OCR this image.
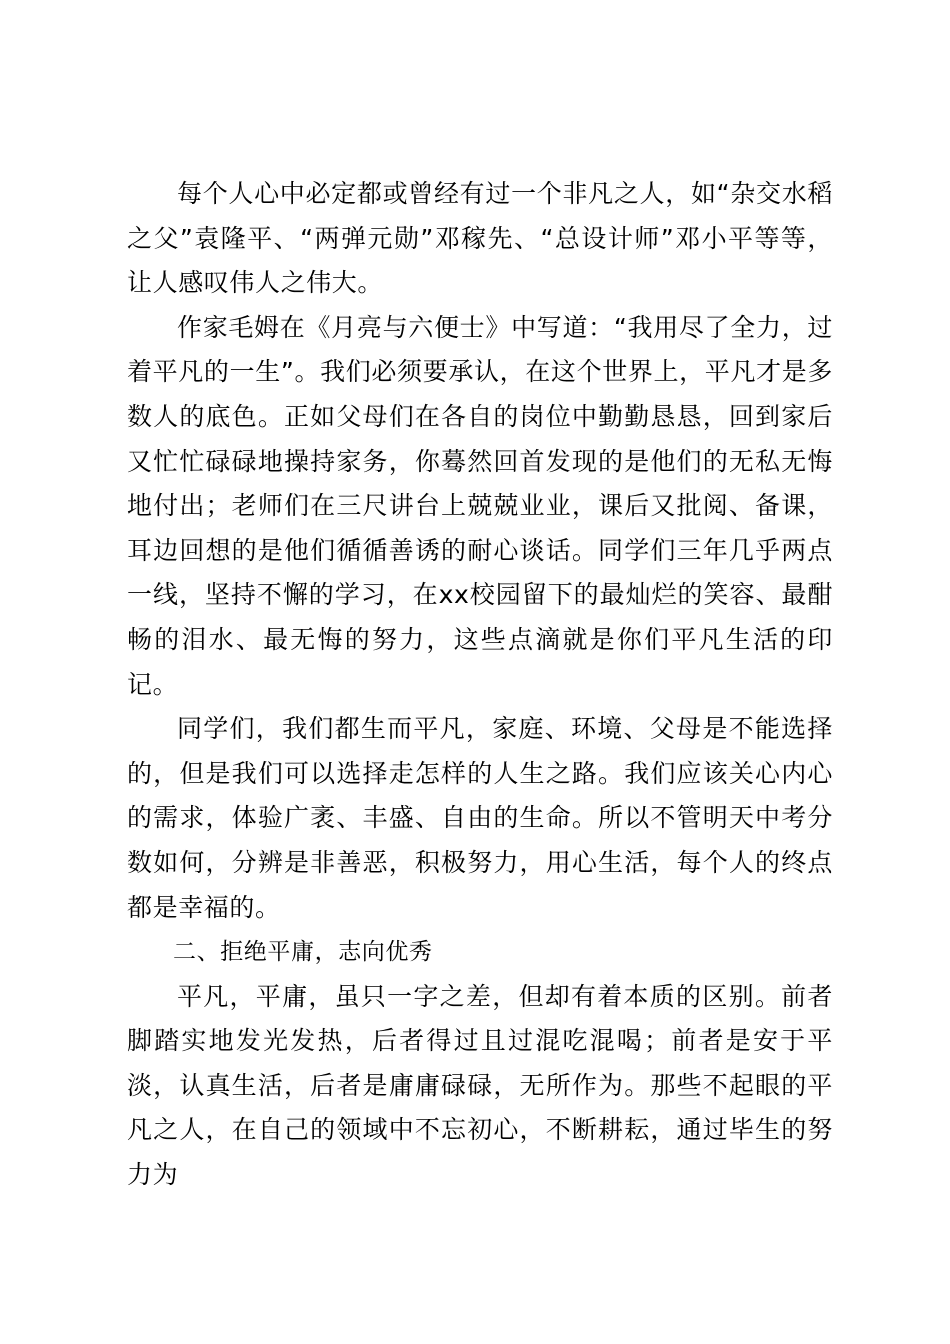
每个人心中必定都或曾经有过一个非凡之人，如“杂交水稻之父”袁隆平、“两弹元勋”邓稼先、“总设计师”邓小平等等，让人感叹伟人之伟大。

作家毛姆在《月亮与六便士》中写道：“我用尽了全力，过着平凡的一生”。我们必须要承认，在这个世界上，平凡才是多数人的底色。正如父母们在各自的岗位中勤勤恳恳，回到家后又忙忙碌碌地操持家务，你蓦然回首发现的是他们的无私无悔地付出；老师们在三尺讲台上兢兢业业，课后又批阅、备课，耳边回想的是他们循循善诱的耐心谈话。同学们三年几乎两点一线，坚持不懈的学习，在xx校园留下的最灿烂的笑容、最酣畅的泪水、最无悔的努力，这些点滴就是你们平凡生活的印记。

同学们，我们都生而平凡，家庭、环境、父母是不能选择的，但是我们可以选择走怎样的人生之路。我们应该关心内心的需求，体验广袤、丰盛、自由的生命。所以不管明天中考分数如何，分辨是非善恶，积极努力，用心生活，每个人的终点都是幸福的。

二、拒绝平庸，志向优秀

平凡，平庸，虽只一字之差，但却有着本质的区别。前者脚踏实地发光发热，后者得过且过混吃混喝；前者是安于平淡，认真生活，后者是庸庸碌碌，无所作为。那些不起眼的平凡之人，在自己的领域中不忘初心，不断耕耘，通过毕生的努力为
